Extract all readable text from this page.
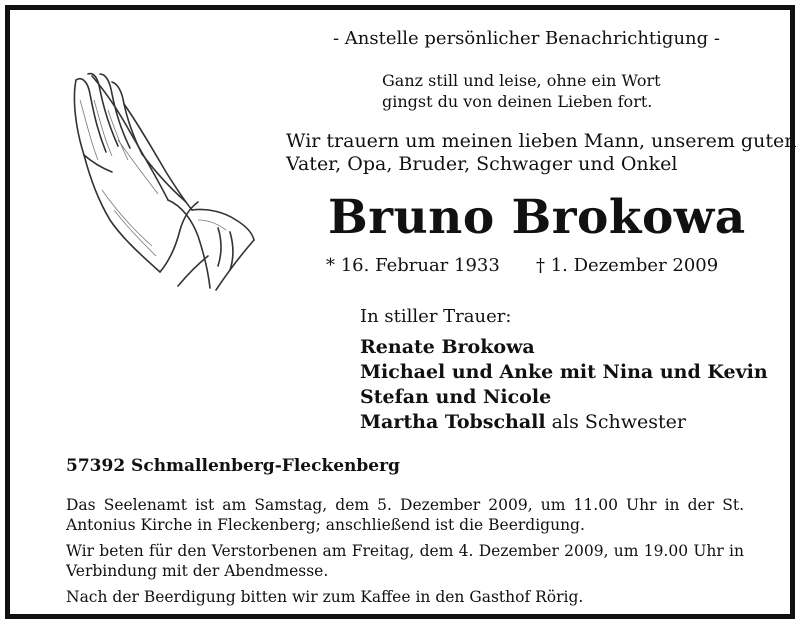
- Anstelle persönlicher Benachrichtigung -
Ganz still und leise, ohne ein Wort
gingst du von deinen Lieben fort.
Wir trauern um meinen lieben Mann, unserem guten
Vater, Opa, Bruder, Schwager und Onkel
Bruno Brokowa
* 16. Februar 1933 † 1. Dezember 2009
In stiller Trauer:
Renate Brokowa
Michael und Anke mit Nina und Kevin
Stefan und Nicole
Martha Tobschall als Schwester
57392 Schmallenberg-Fleckenberg

Das Seelenamt ist am Samstag, dem 5. Dezember 2009, um 11.00 Uhr in der St. Antonius Kirche in Fleckenberg; anschließend ist die Beerdigung.

Wir beten für den Verstorbenen am Freitag, dem 4. Dezember 2009, um 19.00 Uhr in Verbindung mit der Abendmesse.

Nach der Beerdigung bitten wir zum Kaffee in den Gasthof Rörig.
